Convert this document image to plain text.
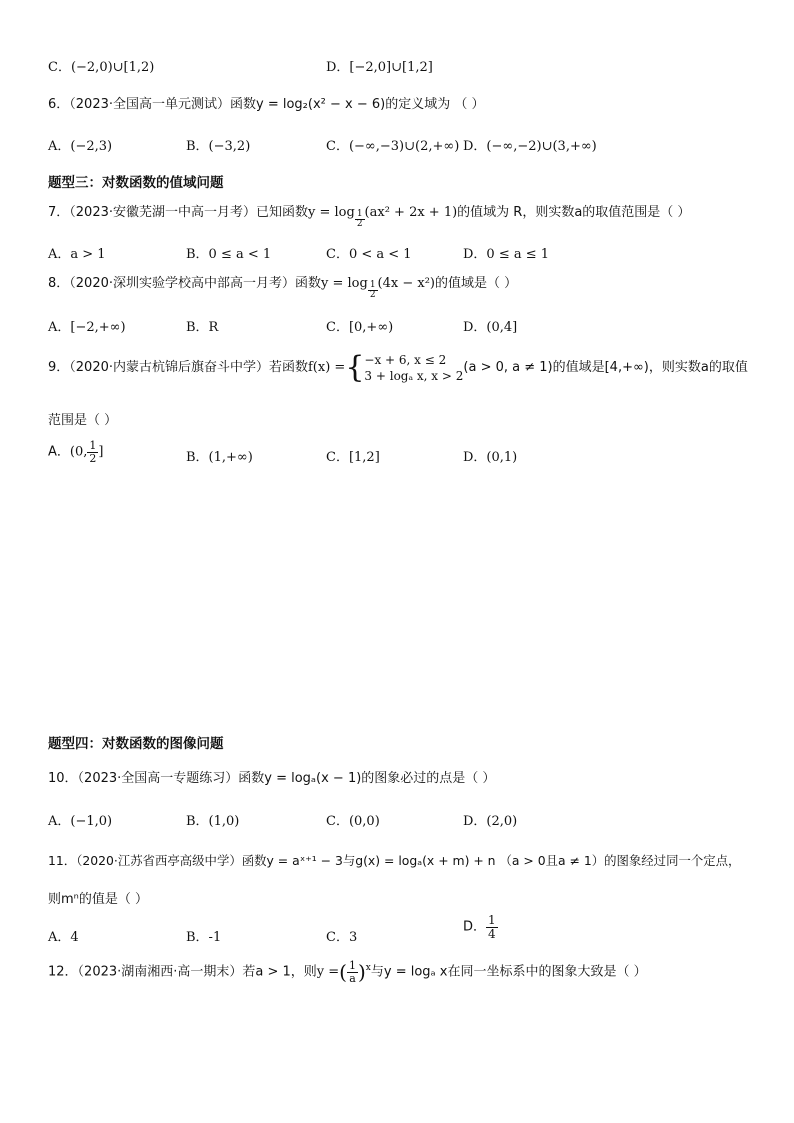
C．(−2,0)∪[1,2)	D．[−2,0]∪[1,2]
6．（2023·全国高一单元测试）函数y = log₂(x² − x − 6)的定义域为 （ ）
A．(−2,3)	B．(−3,2)	C．(−∞,−3)∪(2,+∞) D．(−∞,−2)∪(3,+∞)
题型三：对数函数的值域问题
7．（2023·安徽芜湖一中高一月考）已知函数$y = \log \frac{1}{2} (ax^2 + 2x + 1)$的值域为 R，则实数a的取值范围是（ ）
A．a > 1	B．0 ≤ a < 1	C．0 < a < 1	D．0 ≤ a ≤ 1
8．（2020·深圳实验学校高中部高一月考）函数$y = \log \frac{1}{2} (4x - x^2)$的值域是（ ）
A．[−2,+∞)	B．R	C．[0,+∞)	D．(0,4]
9．（2020·内蒙古杭锦后旗奋斗中学）若函数f(x) ={ −x + 6, x ≤ 2
3 + logₐ x, x > 2
(a > 0, a ≠ 1)的值域是[4,+∞)，则实数a的取值
范围是（ ）
A．(0, $\frac{1}{2}$ ]	B．(1,+∞)	C．[1,2]	D．(0,1)
题型四：对数函数的图像问题
10．（2023·全国高一专题练习）函数y = logₐ(x − 1)的图象必过的点是（ ）
A．(−1,0)	B．(1,0)	C．(0,0)	D．(2,0)
11．（2020·江苏省西亭高级中学）函数y = aˣ⁺¹ − 3与g(x) = logₐ(x + m) + n （a > 0且a ≠ 1）的图象经过同一个定点，
则mⁿ的值是（ ）
A．4	B．-1	C．3
D． $\frac{1}{4}$
12．（2023·湖南湘西·高一期末）若a > 1，则y =( $\frac{1}{a} )^x$与y = logₐ x在同一坐标系中的图象大致是（ ）
